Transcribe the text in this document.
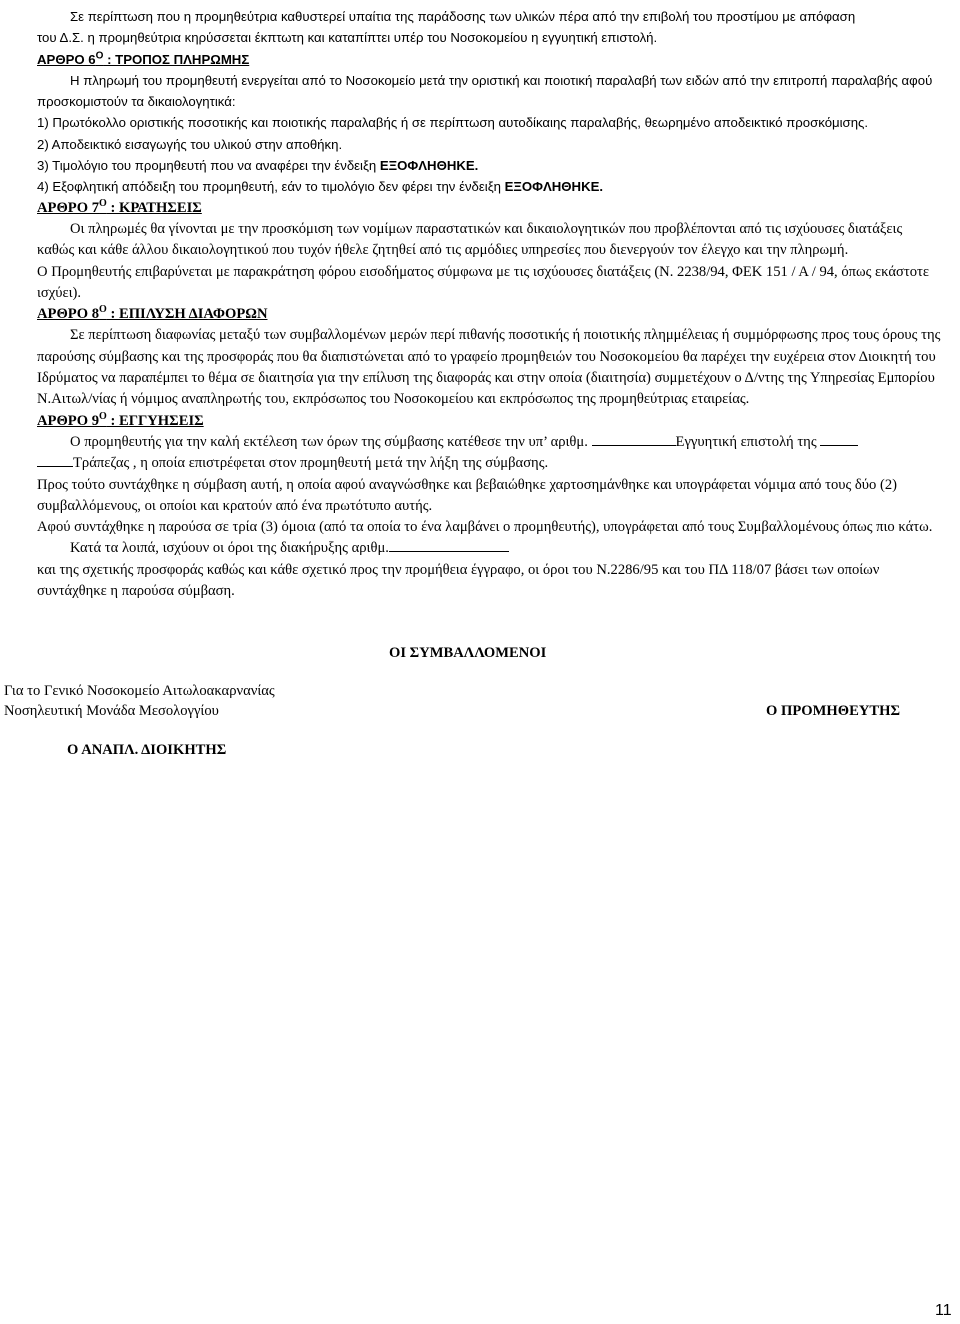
Σε περίπτωση που η προμηθεύτρια καθυστερεί υπαίτια της παράδοσης των υλικών πέρα από την επιβολή του προστίμου με απόφαση

του Δ.Σ. η προμηθεύτρια κηρύσσεται έκπτωτη και καταπίπτει υπέρ του Νοσοκομείου η εγγυητική επιστολή.

ΑΡΘΡΟ $6^O$ : ΤΡΟΠΟΣ ΠΛΗΡΩΜΗΣ

Η πληρωμή του προμηθευτή ενεργείται από το Νοσοκομείο μετά την οριστική και ποιοτική παραλαβή των ειδών από την επιτροπή παραλαβής αφού προσκομιστούν τα δικαιολογητικά:

1) Πρωτόκολλο οριστικής ποσοτικής και ποιοτικής παραλαβής ή σε περίπτωση αυτοδίκαιης παραλαβής, θεωρημένο αποδεικτικό προσκόμισης.

2) Αποδεικτικό εισαγωγής του υλικού στην αποθήκη.

3) Τιμολόγιο του προμηθευτή που να αναφέρει την ένδειξη ΕΞΟΦΛΗΘΗΚΕ.

4) Εξοφλητική απόδειξη του προμηθευτή, εάν το τιμολόγιο δεν φέρει την ένδειξη ΕΞΟΦΛΗΘΗΚΕ.

ΑΡΘΡΟ $7^O$ : ΚΡΑΤΗΣΕΙΣ

Οι πληρωμές θα γίνονται με την προσκόμιση των νομίμων παραστατικών και δικαιολογητικών που προβλέπονται από τις ισχύουσες διατάξεις καθώς και κάθε άλλου δικαιολογητικού που τυχόν ήθελε ζητηθεί από τις αρμόδιες υπηρεσίες που διενεργούν τον έλεγχο και την πληρωμή.

Ο Προμηθευτής επιβαρύνεται με παρακράτηση φόρου εισοδήματος σύμφωνα με τις ισχύουσες διατάξεις (Ν. 2238/94, ΦΕΚ 151 / Α / 94, όπως εκάστοτε ισχύει).

ΑΡΘΡΟ $8^O$ : ΕΠΙΛΥΣΗ ΔΙΑΦΟΡΩΝ

Σε περίπτωση διαφωνίας μεταξύ των συμβαλλομένων μερών περί πιθανής ποσοτικής ή ποιοτικής πλημμέλειας ή συμμόρφωσης προς τους όρους της παρούσης σύμβασης και της προσφοράς που θα διαπιστώνεται από το γραφείο προμηθειών του Νοσοκομείου θα παρέχει την ευχέρεια στον Διοικητή του Ιδρύματος να παραπέμπει το θέμα σε διαιτησία για την επίλυση της διαφοράς και στην οποία (διαιτησία) συμμετέχουν ο Δ/ντης της Υπηρεσίας Εμπορίου Ν.Αιτωλ/νίας ή νόμιμος αναπληρωτής του, εκπρόσωπος του Νοσοκομείου και εκπρόσωπος της προμηθεύτριας εταιρείας.

ΑΡΘΡΟ $9^O$ : ΕΓΓΥΗΣΕΙΣ

Ο προμηθευτής για την καλή εκτέλεση των όρων της σύμβασης κατέθεσε την υπ’ αριθμ.	Εγγυητική επιστολή της
Τράπεζας , η οποία επιστρέφεται στον προμηθευτή μετά την λήξη της σύμβασης.

Προς τούτο συντάχθηκε η σύμβαση αυτή, η οποία αφού αναγνώσθηκε και βεβαιώθηκε χαρτοσημάνθηκε και υπογράφεται νόμιμα από τους δύο (2) συμβαλλόμενους, οι οποίοι και κρατούν από ένα πρωτότυπο αυτής.

Αφού συντάχθηκε η παρούσα σε τρία (3) όμοια (από τα οποία το ένα λαμβάνει ο προμηθευτής), υπογράφεται από τους Συμβαλλομένους όπως πιο κάτω.

Κατά τα λοιπά, ισχύουν οι όροι της διακήρυξης αριθμ.

και της σχετικής προσφοράς καθώς και κάθε σχετικό προς την προμήθεια έγγραφο, οι όροι του Ν.2286/95 και του ΠΔ 118/07 βάσει των οποίων συντάχθηκε η παρούσα σύμβαση.

ΟΙ ΣΥΜΒΑΛΛΟΜΕΝΟΙ
Για το Γενικό Νοσοκομείο Αιτωλοακαρνανίας
Νοσηλευτική Μονάδα Μεσολογγίου	Ο ΠΡΟΜΗΘΕΥΤΗΣ
Ο ΑΝΑΠΛ. ΔΙΟΙΚΗΤΗΣ
11
